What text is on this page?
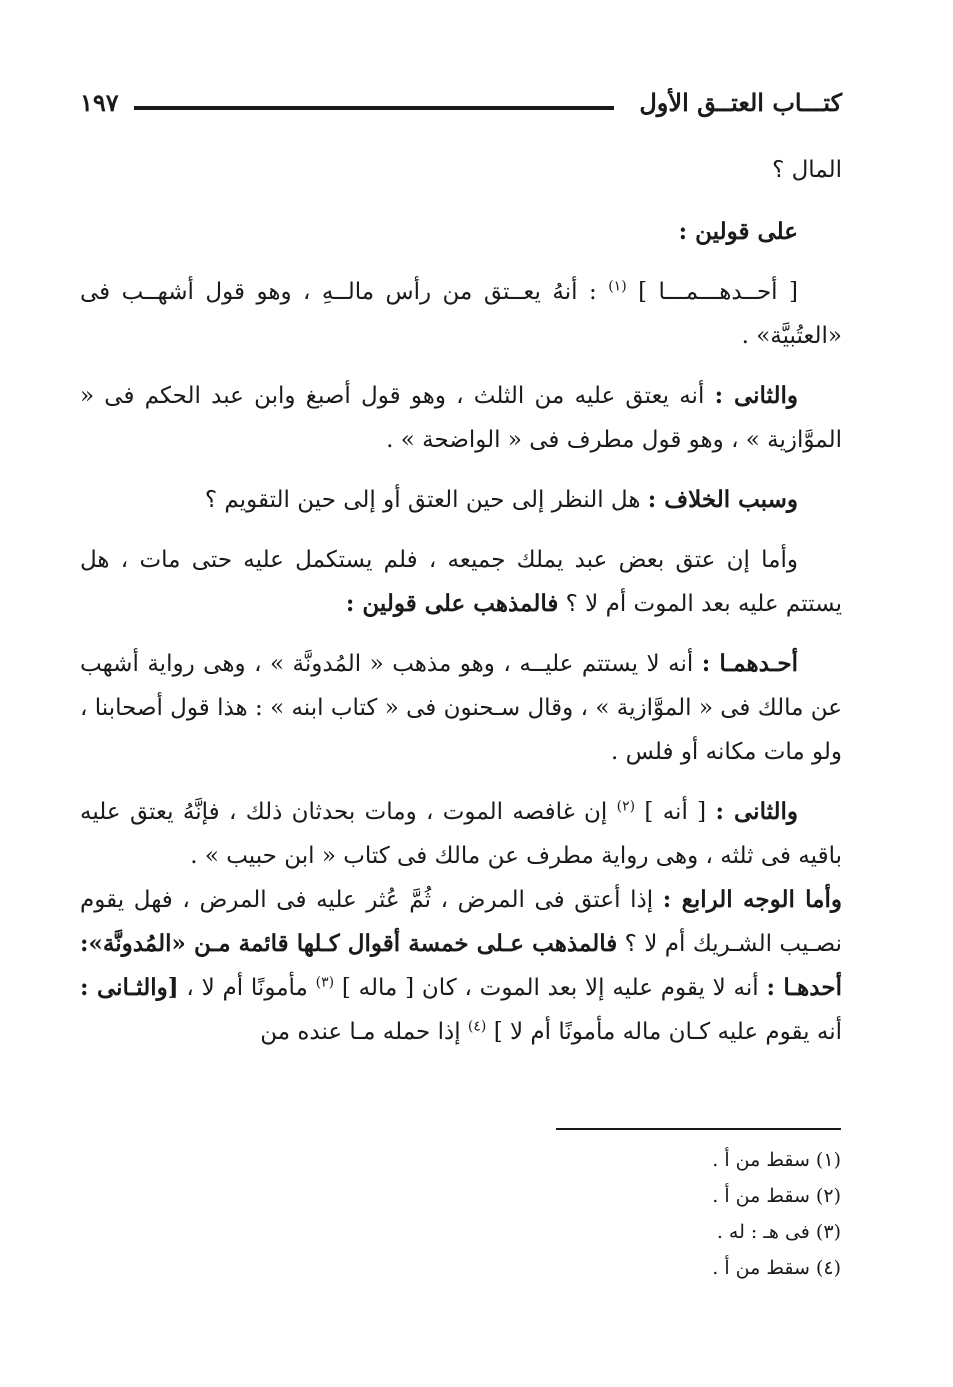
كتـــاب العتــق الأول
١٩٧

المال ؟

على قولين :

[ أحــدهـــمـــا ] $^{(١)}$ : أنهُ يعــتق من رأس مالــهِ ، وهو قول أشهــب فى «العتُبيَّة» .

والثانى : أنه يعتق عليه من الثلث ، وهو قول أصبغ وابن عبد الحكم فى « الموَّازية » ، وهو قول مطرف فى « الواضحة » .

وسبب الخلاف : هل النظر إلى حين العتق أو إلى حين التقويم ؟

وأما إن عتق بعض عبد يملك جميعه ، فلم يستكمل عليه حتى مات ، هل يستتم عليه بعد الموت أم لا ؟ فالمذهب على قولين :

أحـدهمـا : أنه لا يستتم عليــه ، وهو مذهب « المُدونَّة » ، وهى رواية أشهب عن مالك فى « الموَّازية » ، وقال سـحنون فى « كتاب ابنه » : هذا قول أصحابنا ، ولو مات مكانه أو فلس .

والثانى : [ أنه ] $^{(٢)}$ إن غافصه الموت ، ومات بحدثان ذلك ، فإنَّهُ يعتق عليه باقيه فى ثلثه ، وهى رواية مطرف عن مالك فى كتاب « ابن حبيب » .

وأما الوجه الرابع : إذا أعتق فى المرض ، ثُمَّ عُثر عليه فى المرض ، فهل يقوم نصـيب الشـريك أم لا ؟ فالمذهب عـلى خمسة أقوال كـلها قائمة مـن «المُدونَّة»: أحدهـا : أنه لا يقوم عليه إلا بعد الموت ، كان [ ماله ] $^{(٣)}$ مأمونًا أم لا ، [والثـانى : أنه يقوم عليه كـان ماله مأمونًا أم لا ] $^{(٤)}$ إذا حمله مـا عنده من

(١) سقط من أ .

(٢) سقط من أ .

(٣) فى هـ : له .

(٤) سقط من أ .
